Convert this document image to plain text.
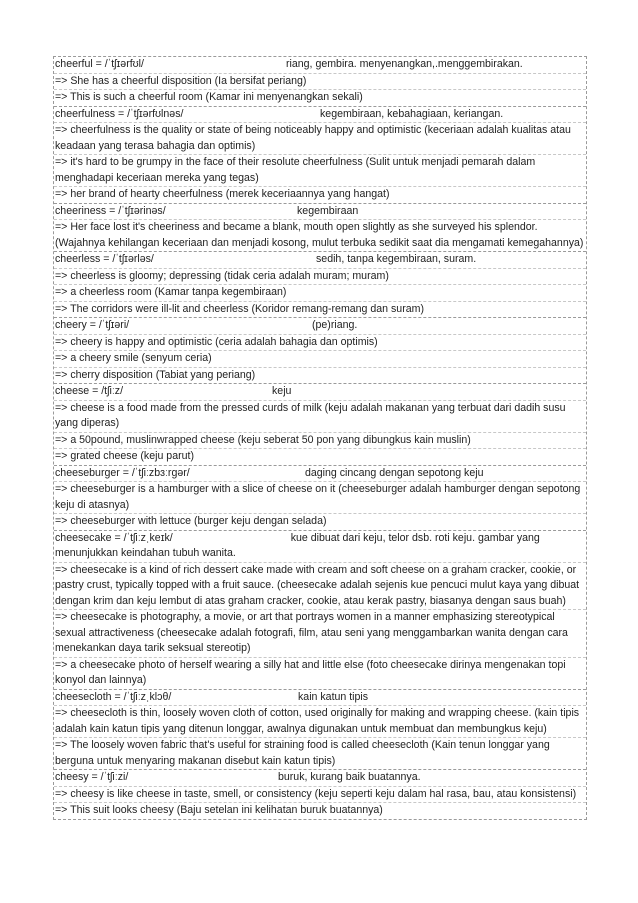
cheerful = /ˈtʃɪərfʊl/	riang, gembira. menyenangkan,.menggembirakan.
=> She has a cheerful disposition (Ia bersifat periang)
=> This is such a cheerful room (Kamar ini menyenangkan sekali)
cheerfulness = /ˈtʃɪərfʊlnəs/	kegembiraan, kebahagiaan, keriangan.
=> cheerfulness is the quality or state of being noticeably happy and optimistic (keceriaan adalah kualitas atau keadaan yang terasa bahagia dan optimis)
=> it's hard to be grumpy in the face of their resolute cheerfulness (Sulit untuk menjadi pemarah dalam menghadapi keceriaan mereka yang tegas)
=> her brand of hearty cheerfulness (merek keceriaannya yang hangat)
cheeriness = /ˈtʃɪərinəs/	kegembiraan
=> Her face lost it's cheeriness and became a blank, mouth open slightly as she surveyed his splendor. (Wajahnya kehilangan keceriaan dan menjadi kosong, mulut terbuka sedikit saat dia mengamati kemegahannya)
cheerless = /ˈtʃɪərləs/	sedih, tanpa kegembiraan, suram.
=> cheerless is gloomy; depressing (tidak ceria adalah muram; muram)
=> a cheerless room (Kamar tanpa kegembiraan)
=> The corridors were ill-lit and cheerless (Koridor remang-remang dan suram)
cheery = /ˈtʃɪəri/	(pe)riang.
=> cheery is happy and optimistic (ceria adalah bahagia dan optimis)
=> a cheery smile (senyum ceria)
=> cherry disposition (Tabiat yang periang)
cheese = /tʃiːz/	keju
=> cheese is a food made from the pressed curds of milk (keju adalah makanan yang terbuat dari dadih susu yang diperas)
=> a 50pound, muslinwrapped cheese (keju seberat 50 pon yang dibungkus kain muslin)
=> grated cheese (keju parut)
cheeseburger = /ˈtʃiːzbɜːrgər/	daging cincang dengan sepotong keju
=> cheeseburger is a hamburger with a slice of cheese on it (cheeseburger adalah hamburger dengan sepotong keju di atasnya)
=> cheeseburger with lettuce (burger keju dengan selada)
cheesecake = /ˈtʃiːzˌkeɪk/	kue dibuat dari keju, telor dsb. roti keju. gambar yang menunjukkan keindahan tubuh wanita.
=> cheesecake is a kind of rich dessert cake made with cream and soft cheese on a graham cracker, cookie, or pastry crust, typically topped with a fruit sauce. (cheesecake adalah sejenis kue pencuci mulut kaya yang dibuat dengan krim dan keju lembut di atas graham cracker, cookie, atau kerak pastry, biasanya dengan saus buah)
=> cheesecake is photography, a movie, or art that portrays women in a manner emphasizing stereotypical sexual attractiveness (cheesecake adalah fotografi, film, atau seni yang menggambarkan wanita dengan cara menekankan daya tarik seksual stereotip)
=> a cheesecake photo of herself wearing a silly hat and little else (foto cheesecake dirinya mengenakan topi konyol dan lainnya)
cheesecloth = /ˈtʃiːzˌklɔθ/	kain katun tipis
=> cheesecloth is thin, loosely woven cloth of cotton, used originally for making and wrapping cheese. (kain tipis adalah kain katun tipis yang ditenun longgar, awalnya digunakan untuk membuat dan membungkus keju)
=> The loosely woven fabric that's useful for straining food is called cheesecloth (Kain tenun longgar yang berguna untuk menyaring makanan disebut kain katun tipis)
cheesy = /ˈtʃiːzi/	buruk, kurang baik buatannya.
=> cheesy is like cheese in taste, smell, or consistency (keju seperti keju dalam hal rasa, bau, atau konsistensi)
=> This suit looks cheesy (Baju setelan ini kelihatan buruk buatannya)
